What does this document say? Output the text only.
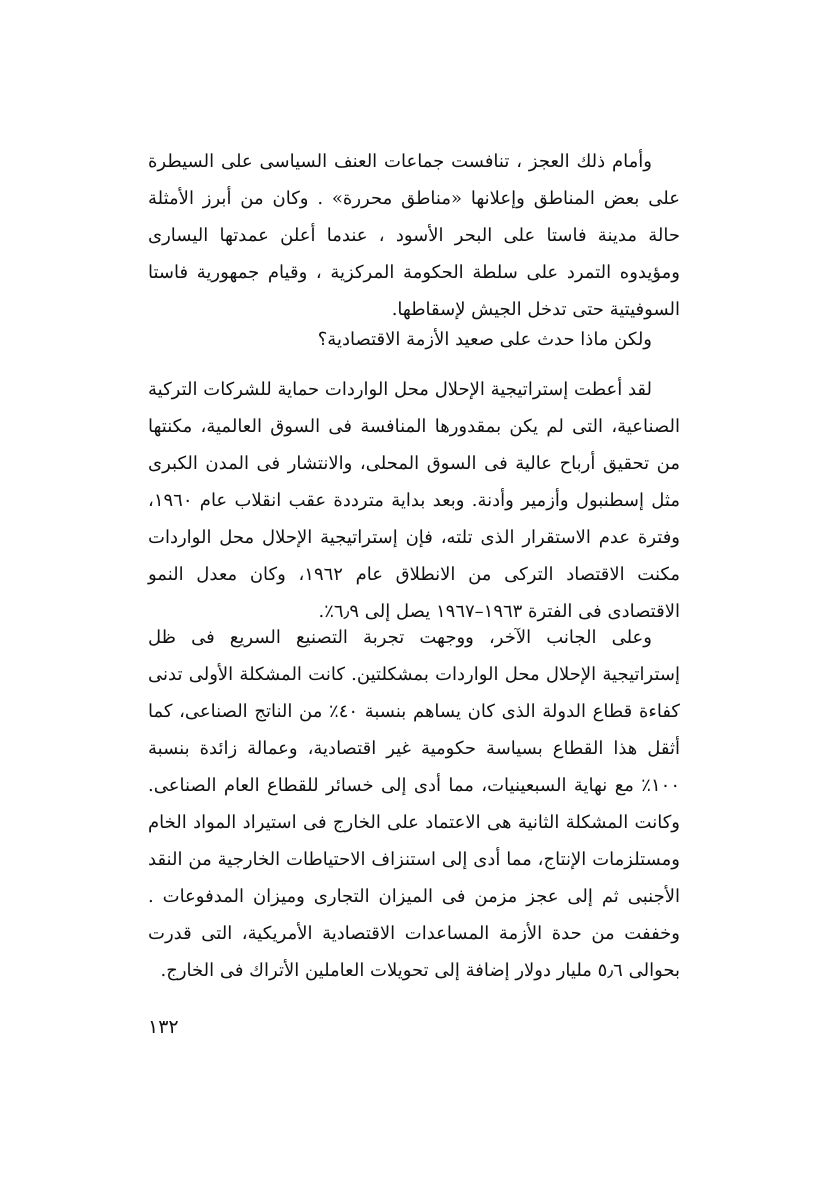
وأمام ذلك العجز ، تنافست جماعات العنف السياسى على السيطرة على بعض المناطق وإعلانها «مناطق محررة» . وكان من أبرز الأمثلة حالة مدينة فاستا على البحر الأسود ، عندما أعلن عمدتها اليسارى ومؤيدوه التمرد على سلطة الحكومة المركزية ، وقيام جمهورية فاستا السوفيتية حتى تدخل الجيش لإسقاطها.

ولكن ماذا حدث على صعيد الأزمة الاقتصادية؟

لقد أعطت إستراتيجية الإحلال محل الواردات حماية للشركات التركية الصناعية، التى لم يكن بمقدورها المنافسة فى السوق العالمية، مكنتها من تحقيق أرباح عالية فى السوق المحلى، والانتشار فى المدن الكبرى مثل إسطنبول وأزمير وأدنة. وبعد بداية مترددة عقب انقلاب عام ١٩٦٠، وفترة عدم الاستقرار الذى تلته، فإن إستراتيجية الإحلال محل الواردات مكنت الاقتصاد التركى من الانطلاق عام ١٩٦٢، وكان معدل النمو الاقتصادى فى الفترة ١٩٦٣–١٩٦٧ يصل إلى ٦٫٩٪.

وعلى الجانب الآخر، ووجهت تجربة التصنيع السريع فى ظل إستراتيجية الإحلال محل الواردات بمشكلتين. كانت المشكلة الأولى تدنى كفاءة قطاع الدولة الذى كان يساهم بنسبة ٤٠٪ من الناتج الصناعى، كما أثقل هذا القطاع بسياسة حكومية غير اقتصادية، وعمالة زائدة بنسبة ١٠٠٪ مع نهاية السبعينيات، مما أدى إلى خسائر للقطاع العام الصناعى. وكانت المشكلة الثانية هى الاعتماد على الخارج فى استيراد المواد الخام ومستلزمات الإنتاج، مما أدى إلى استنزاف الاحتياطات الخارجية من النقد الأجنبى ثم إلى عجز مزمن فى الميزان التجارى وميزان المدفوعات . وخففت من حدة الأزمة المساعدات الاقتصادية الأمريكية، التى قدرت بحوالى ٥٫٦ مليار دولار إضافة إلى تحويلات العاملين الأتراك فى الخارج.

١٣٢
